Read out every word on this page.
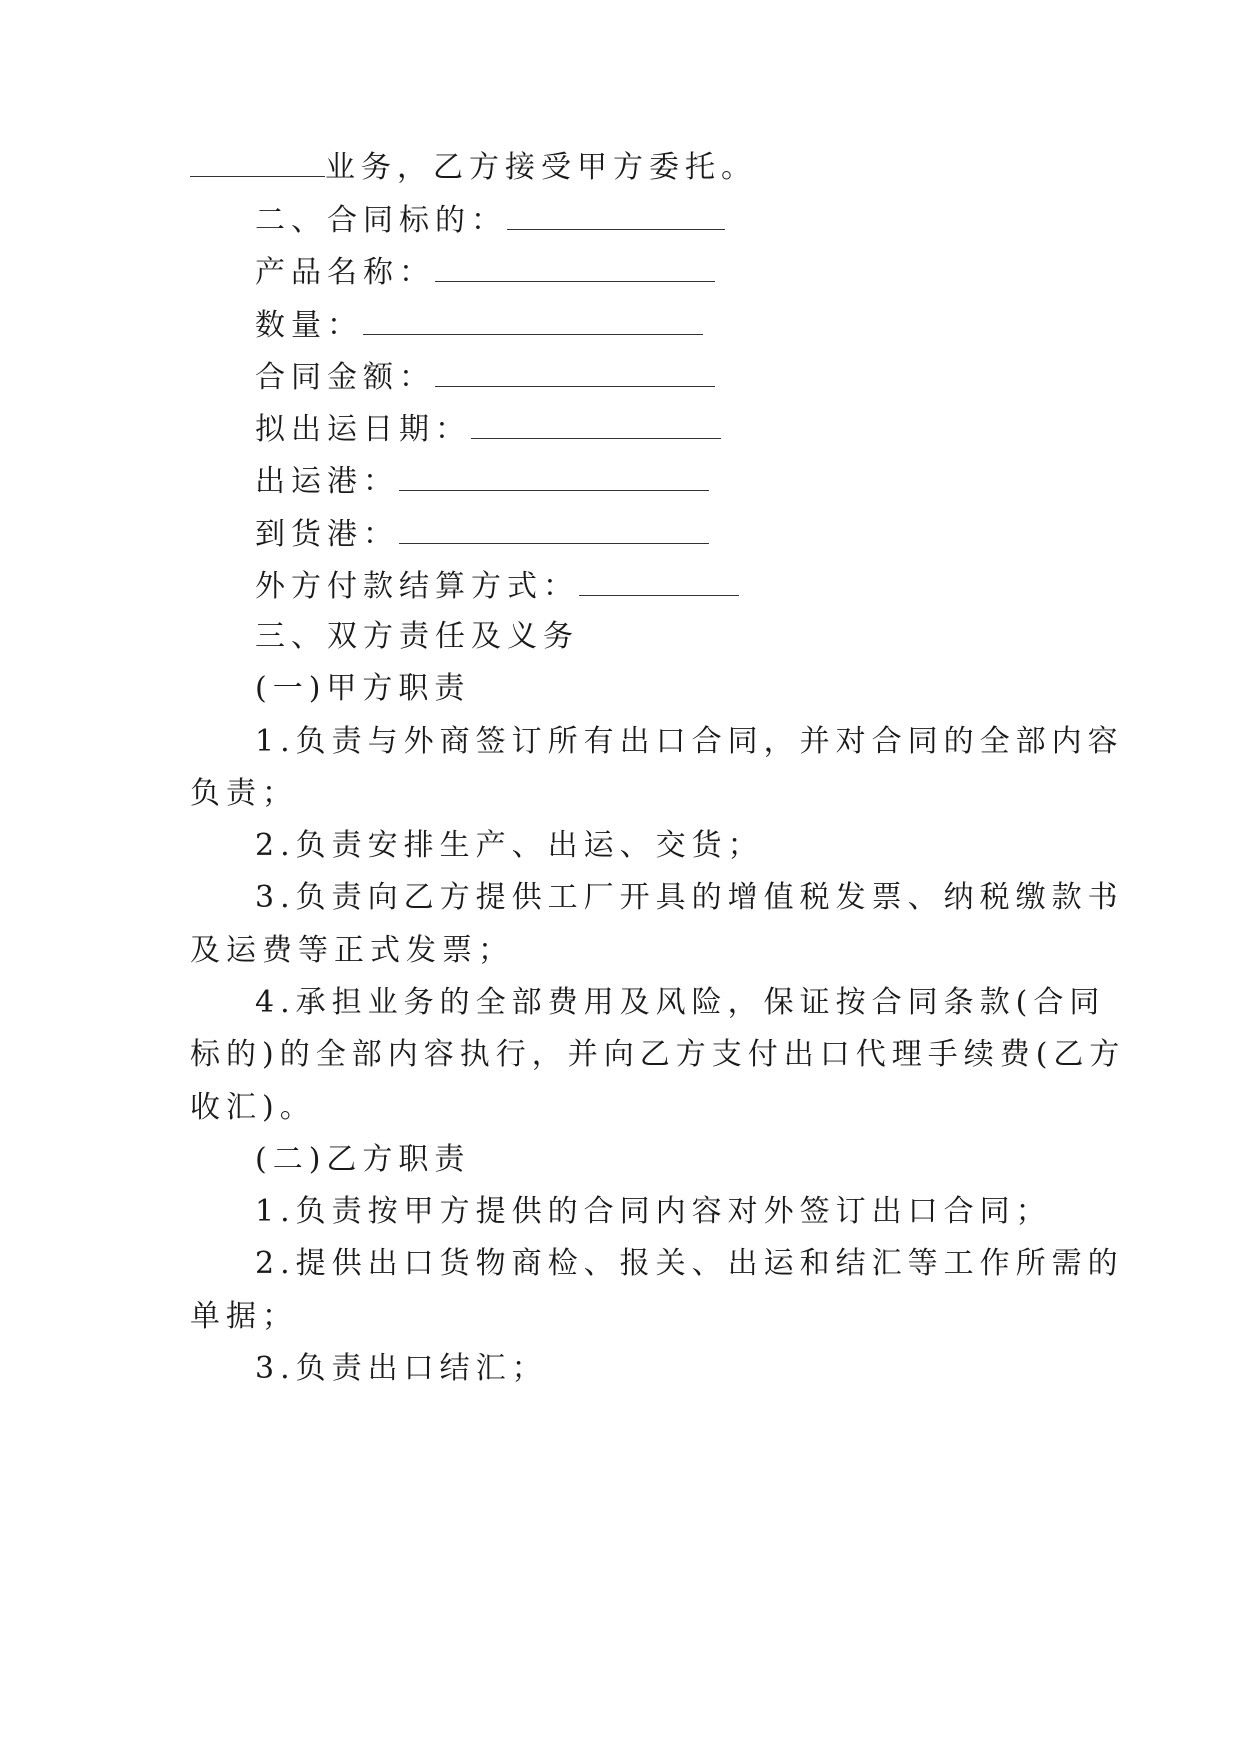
业务，乙方接受甲方委托。
二、合同标的：
产品名称：
数量：
合同金额：
拟出运日期：
出运港：
到货港：
外方付款结算方式：
三、双方责任及义务
(一)甲方职责
1.负责与外商签订所有出口合同，并对合同的全部内容
负责；
2.负责安排生产、出运、交货；
3.负责向乙方提供工厂开具的增值税发票、纳税缴款书
及运费等正式发票；
4.承担业务的全部费用及风险，保证按合同条款(合同
标的)的全部内容执行，并向乙方支付出口代理手续费(乙方
收汇)。
(二)乙方职责
1.负责按甲方提供的合同内容对外签订出口合同；
2.提供出口货物商检、报关、出运和结汇等工作所需的
单据；
3.负责出口结汇；
